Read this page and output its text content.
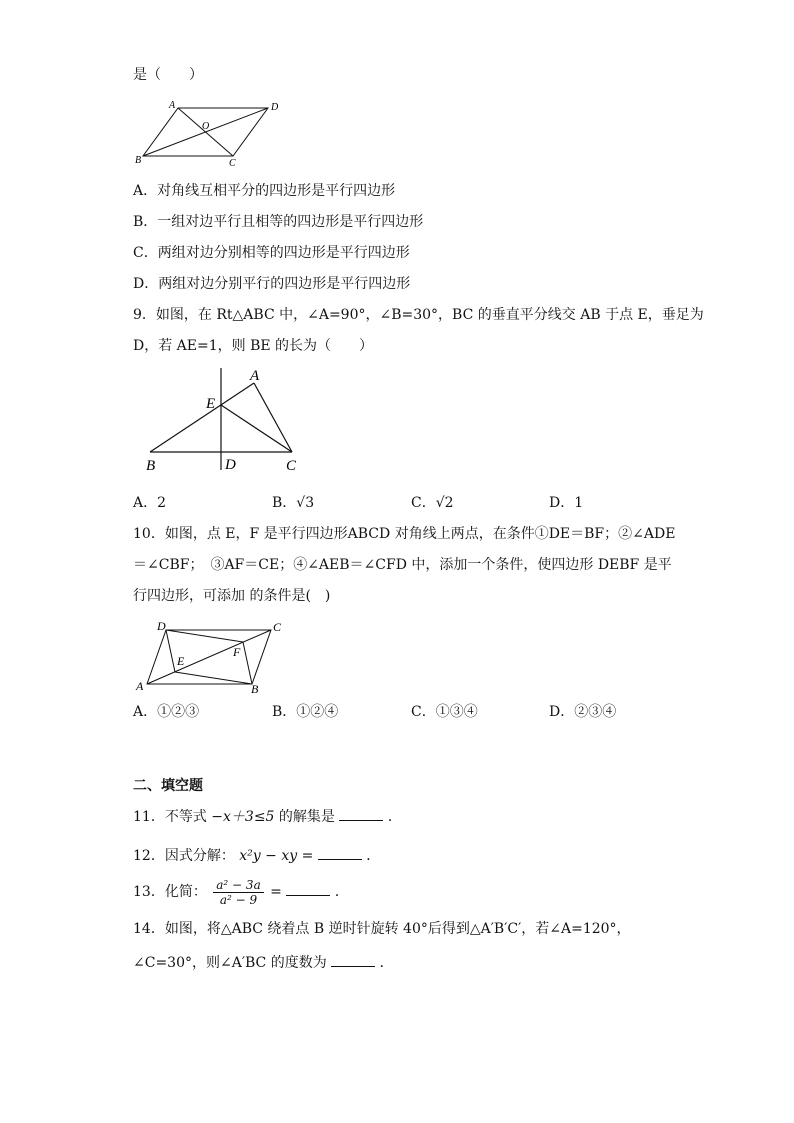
是（　　）
A	D
O
B	C
A．对角线互相平分的四边形是平行四边形
B．一组对边平行且相等的四边形是平行四边形
C．两组对边分别相等的四边形是平行四边形
D．两组对边分别平行的四边形是平行四边形
9．如图，在 Rt△ABC 中，∠A=90°，∠B=30°，BC 的垂直平分线交 AB 于点 E，垂足为
D，若 AE=1，则 BE 的长为（　　）
A
E
B	D	C
A．2	B．√3	C．√2	D．1
10．如图，点 E，F 是平行四边形ABCD 对角线上两点，在条件①DE＝BF；②∠ADE
＝∠CBF；　③AF＝CE；④∠AEB＝∠CFD 中，添加一个条件，使四边形 DEBF 是平
行四边形，可添加 的条件是(　)
D	C
F
E
A	B
A．①②③	B．①②④	C．①③④	D．②③④
二、填空题
11．不等式 −x＋3≤5 的解集是	．
12．因式分解： x²y − xy =	．
13．化简： $\frac{\text{a² − 3a}}{\text{a² − 9}}$ =	．
14．如图，将△ABC 绕着点 B 逆时针旋转 40°后得到△A′B′C′，若∠A=120°，
∠C=30°，则∠A′BC 的度数为	．
